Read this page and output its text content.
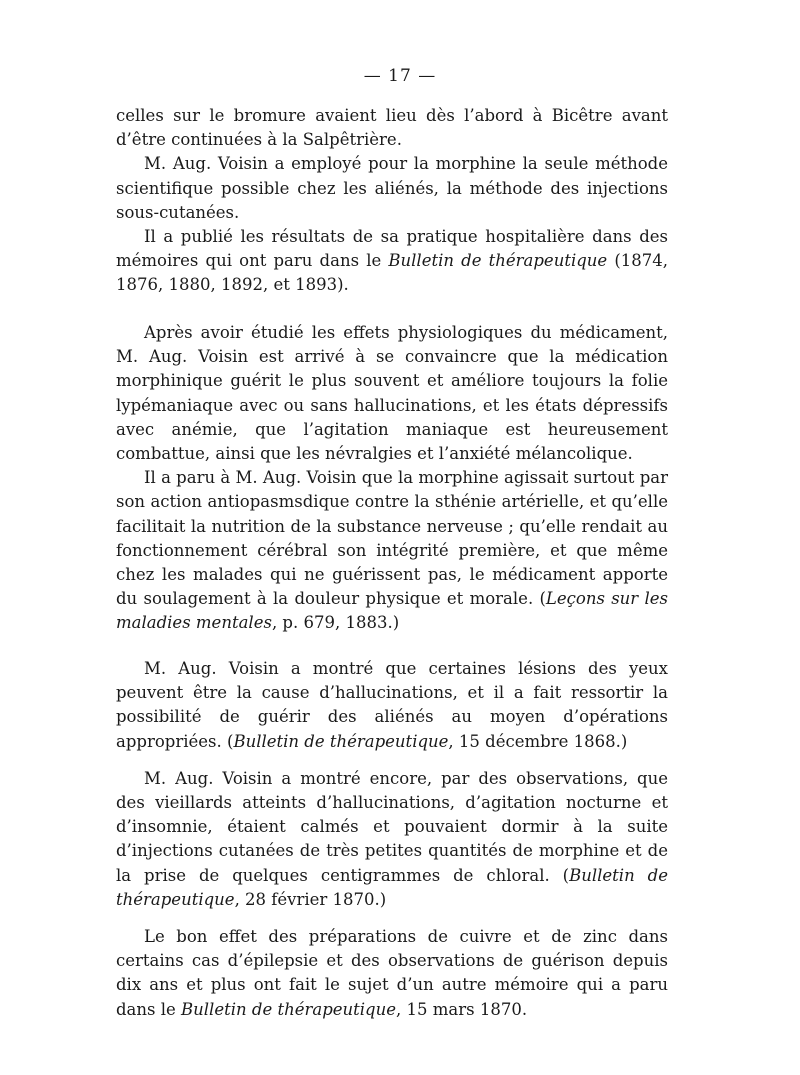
— 17 —

celles sur le bromure avaient lieu dès l’abord à Bicêtre avant d’être continuées à la Salpêtrière.

M. Aug. Voisin a employé pour la morphine la seule méthode scientifique possible chez les aliénés, la méthode des injections sous-cutanées.

Il a publié les résultats de sa pratique hospitalière dans des mémoires qui ont paru dans le Bulletin de thérapeutique (1874, 1876, 1880, 1892, et 1893).

Après avoir étudié les effets physiologiques du médicament, M. Aug. Voisin est arrivé à se convaincre que la médication morphinique guérit le plus souvent et améliore toujours la folie lypémaniaque avec ou sans hallucinations, et les états dépressifs avec anémie, que l’agitation maniaque est heureusement combattue, ainsi que les névralgies et l’anxiété mélancolique.

Il a paru à M. Aug. Voisin que la morphine agissait surtout par son action antiopasmsdique contre la sthénie artérielle, et qu’elle facilitait la nutrition de la substance nerveuse ; qu’elle rendait au fonctionnement cérébral son intégrité première, et que même chez les malades qui ne guérissent pas, le médicament apporte du soulagement à la douleur physique et morale. (Leçons sur les maladies mentales, p. 679, 1883.)

M. Aug. Voisin a montré que certaines lésions des yeux peuvent être la cause d’hallucinations, et il a fait ressortir la possibilité de guérir des aliénés au moyen d’opérations appropriées. (Bulletin de thérapeutique, 15 décembre 1868.)

M. Aug. Voisin a montré encore, par des observations, que des vieillards atteints d’hallucinations, d’agitation nocturne et d’insomnie, étaient calmés et pouvaient dormir à la suite d’injections cutanées de très petites quantités de morphine et de la prise de quelques centigrammes de chloral. (Bulletin de thérapeutique, 28 février 1870.)

Le bon effet des préparations de cuivre et de zinc dans certains cas d’épilepsie et des observations de guérison depuis dix ans et plus ont fait le sujet d’un autre mémoire qui a paru dans le Bulletin de thérapeutique, 15 mars 1870.
